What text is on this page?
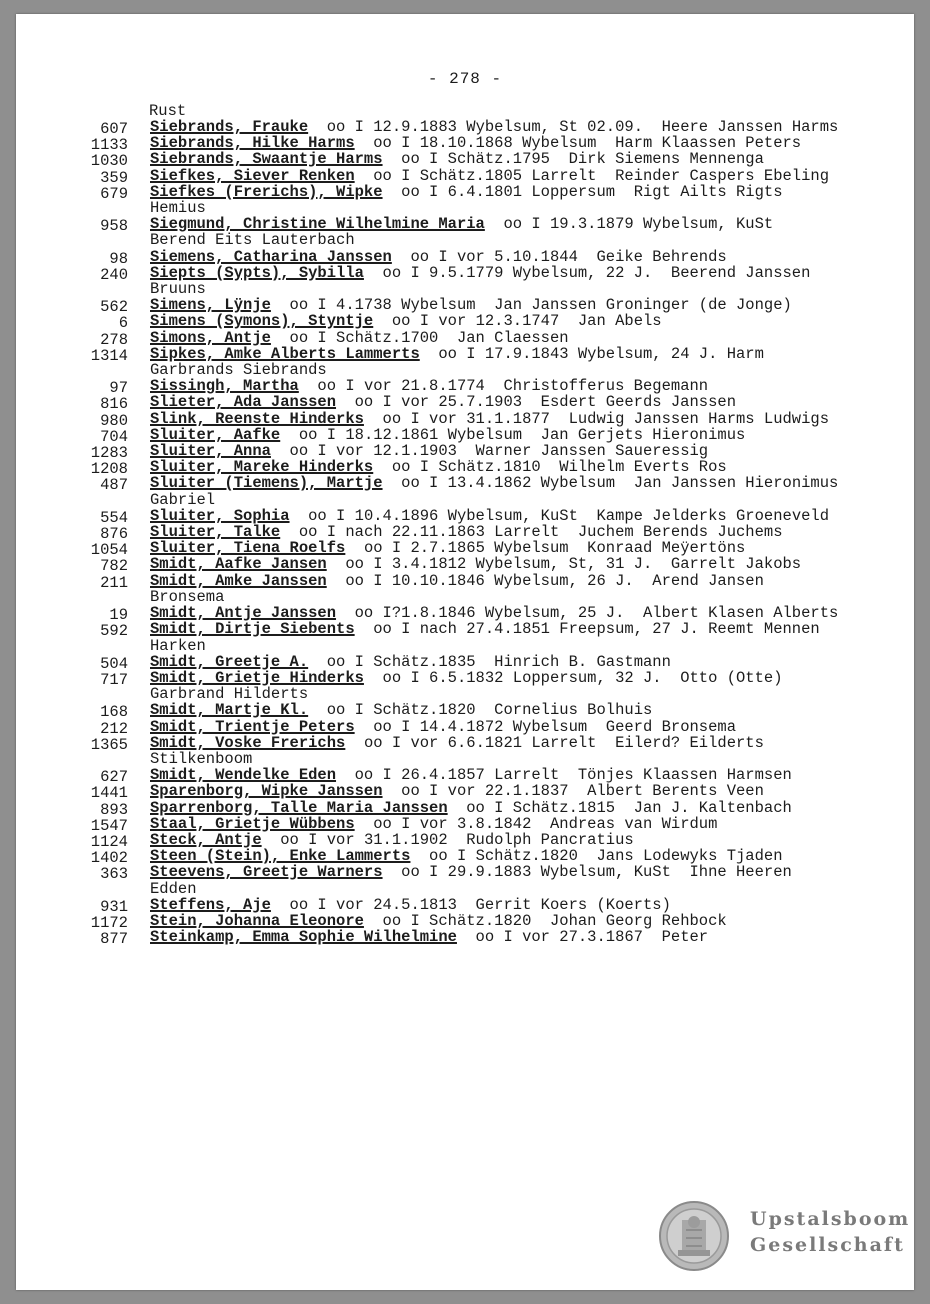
- 278 -
Rust
607 Siebrands, Frauke  oo I 12.9.1883 Wybelsum, St 02.09.  Heere Janssen Harms
1133 Siebrands, Hilke Harms  oo I 18.10.1868 Wybelsum  Harm Klaassen Peters
1030 Siebrands, Swaantje Harms  oo I Schätz.1795  Dirk Siemens Mennenga
359 Siefkes, Siever Renken  oo I Schätz.1805 Larrelt  Reinder Caspers Ebeling
679 Siefkes (Frerichs), Wipke  oo I 6.4.1801 Loppersum  Rigt Ailts Rigts Hemius
958 Siegmund, Christine Wilhelmine Maria  oo I 19.3.1879 Wybelsum, KuSt  Berend Eits Lauterbach
98 Siemens, Catharina Janssen  oo I vor 5.10.1844  Geike Behrends
240 Siepts (Sypts), Sybilla  oo I 9.5.1779 Wybelsum, 22 J.  Beerend Janssen Bruuns
562 Simens, Lÿnje  oo I 4.1738 Wybelsum  Jan Janssen Groninger (de Jonge)
6 Simens (Symons), Styntje  oo I vor 12.3.1747  Jan Abels
278 Simons, Antje  oo I Schätz.1700  Jan Claessen
1314 Sipkes, Amke Alberts Lammerts  oo I 17.9.1843 Wybelsum, 24 J. Harm Garbrands Siebrands
97 Sissingh, Martha  oo I vor 21.8.1774  Christofferus Begemann
816 Slieter, Ada Janssen  oo I vor 25.7.1903  Esdert Geerds Janssen
980 Slink, Reenste Hinderks  oo I vor 31.1.1877  Ludwig Janssen Harms Ludwigs
704 Sluiter, Aafke  oo I 18.12.1861 Wybelsum  Jan Gerjets Hieronimus
1283 Sluiter, Anna  oo I vor 12.1.1903  Warner Janssen Saueressig
1208 Sluiter, Mareke Hinderks  oo I Schätz.1810  Wilhelm Everts Ros
487 Sluiter (Tiemens), Martje  oo I 13.4.1862 Wybelsum  Jan Janssen Hieronimus Gabriel
554 Sluiter, Sophia  oo I 10.4.1896 Wybelsum, KuSt  Kampe Jelderks Groeneveld
876 Sluiter, Talke  oo I nach 22.11.1863 Larrelt  Juchem Berends Juchems
1054 Sluiter, Tiena Roelfs  oo I 2.7.1865 Wybelsum  Konraad Meÿertöns
782 Smidt, Aafke Jansen  oo I 3.4.1812 Wybelsum, St, 31 J.  Garrelt Jakobs
211 Smidt, Amke Janssen  oo I 10.10.1846 Wybelsum, 26 J.  Arend Jansen Bronsema
19 Smidt, Antje Janssen  oo I?1.8.1846 Wybelsum, 25 J.  Albert Klasen Alberts
592 Smidt, Dirtje Siebents  oo I nach 27.4.1851 Freepsum, 27 J. Reemt Mennen Harken
504 Smidt, Greetje A.  oo I Schätz.1835  Hinrich B. Gastmann
717 Smidt, Grietje Hinderks  oo I 6.5.1832 Loppersum, 32 J.  Otto (Otte) Garbrand Hilderts
168 Smidt, Martje Kl.  oo I Schätz.1820  Cornelius Bolhuis
212 Smidt, Trientje Peters  oo I 14.4.1872 Wybelsum  Geerd Bronsema
1365 Smidt, Voske Frerichs  oo I vor 6.6.1821 Larrelt  Eilerd? Eilderts Stilkenboom
627 Smidt, Wendelke Eden  oo I 26.4.1857 Larrelt  Tönjes Klaassen Harmsen
1441 Sparenborg, Wipke Janssen  oo I vor 22.1.1837  Albert Berents Veen
893 Sparrenborg, Talle Maria Janssen  oo I Schätz.1815  Jan J. Kaltenbach
1547 Staal, Grietje Wübbens  oo I vor 3.8.1842  Andreas van Wirdum
1124 Steck, Antje  oo I vor 31.1.1902  Rudolph Pancratius
1402 Steen (Stein), Enke Lammerts  oo I Schätz.1820  Jans Lodewyks Tjaden
363 Steevens, Greetje Warners  oo I 29.9.1883 Wybelsum, KuSt  Ihne Heeren Edden
931 Steffens, Aje  oo I vor 24.5.1813  Gerrit Koers (Koerts)
1172 Stein, Johanna Eleonore  oo I Schätz.1820  Johan Georg Rehbock
877 Steinkamp, Emma Sophie Wilhelmine  oo I vor 27.3.1867  Peter
Upstalsboom
Gesellschaft
